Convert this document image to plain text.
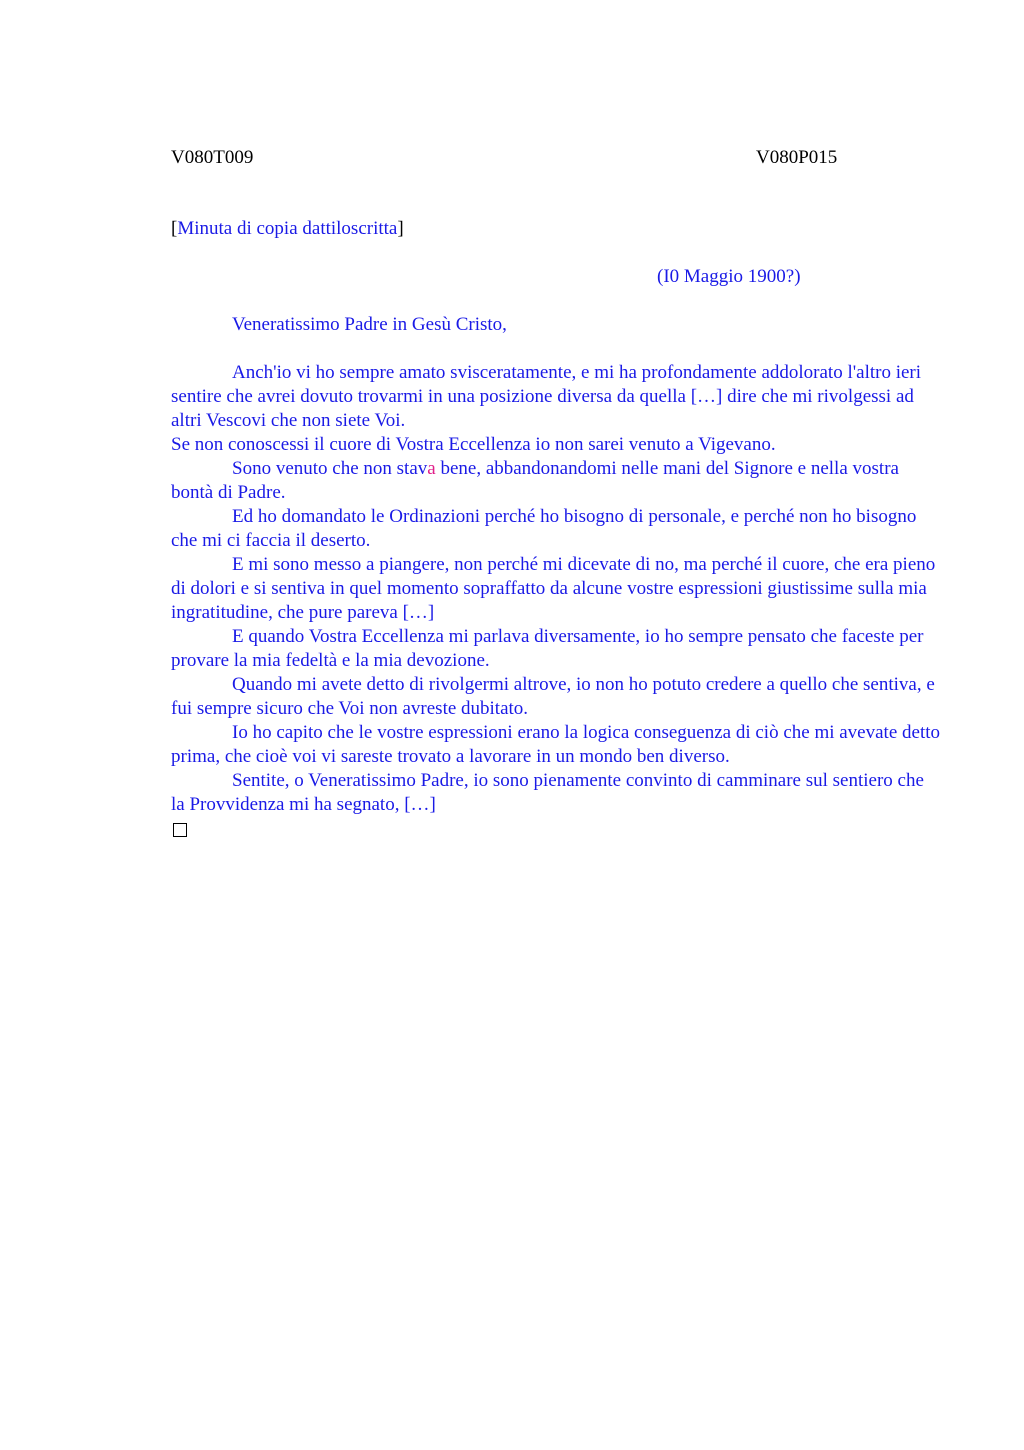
V080T009	V080P015
[Minuta di copia dattiloscritta]
(I0 Maggio 1900?)
Veneratissimo Padre in Gesù Cristo,

Anch'io vi ho sempre amato svisceratamente, e mi ha profondamente addolorato l'altro ieri sentire che avrei dovuto trovarmi in una posizione diversa da quella […] dire che mi rivolgessi ad altri Vescovi che non siete Voi.

Se non conoscessi il cuore di Vostra Eccellenza io non sarei venuto a Vigevano.

Sono venuto che non stava bene, abbandonandomi nelle mani del Signore e nella vostra bontà di Padre.

Ed ho domandato le Ordinazioni perché ho bisogno di personale, e perché non ho bisogno che mi ci faccia il deserto.

E mi sono messo a piangere, non perché mi dicevate di no, ma perché il cuore, che era pieno di dolori e si sentiva in quel momento sopraffatto da alcune vostre espressioni giustissime sulla mia ingratitudine, che pure pareva […]

E quando Vostra Eccellenza mi parlava diversamente, io ho sempre pensato che faceste per provare la mia fedeltà e la mia devozione.

Quando mi avete detto di rivolgermi altrove, io non ho potuto credere a quello che sentiva, e fui sempre sicuro che Voi non avreste dubitato.

Io ho capito che le vostre espressioni erano la logica conseguenza di ciò che mi avevate detto prima, che cioè voi vi sareste trovato a lavorare in un mondo ben diverso.

Sentite, o Veneratissimo Padre, io sono pienamente convinto di camminare sul sentiero che la Provvidenza mi ha segnato, […]
